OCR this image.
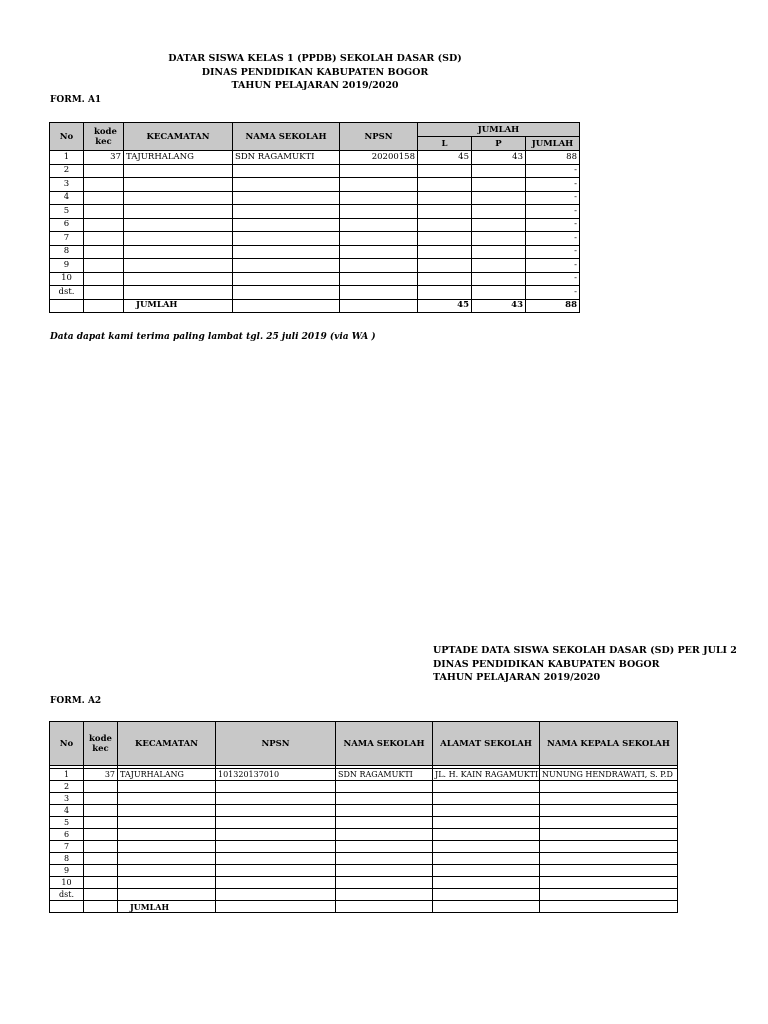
DATAR SISWA KELAS 1 (PPDB) SEKOLAH DASAR (SD)
DINAS PENDIDIKAN KABUPATEN BOGOR
TAHUN PELAJARAN 2019/2020
FORM. A1
No	kode kec	KECAMATAN	NAMA SEKOLAH	NPSN	JUMLAH		
					L	P	JUMLAH
1	37	TAJURHALANG	SDN RAGAMUKTI	20200158	45	43	88
2							-
3							-
4							-
5							-
6							-
7							-
8							-
9							-
10							-
dst.							-
		JUMLAH			45	43	88
Data dapat kami terima paling lambat tgl. 25 juli 2019 (via WA )
UPTADE DATA SISWA SEKOLAH DASAR (SD) PER JULI 2
DINAS PENDIDIKAN KABUPATEN BOGOR
TAHUN PELAJARAN 2019/2020
FORM. A2
No	kode kec	KECAMATAN	NPSN	NAMA SEKOLAH	ALAMAT SEKOLAH	NAMA KEPALA SEKOLAH

1	37	TAJURHALANG	101320137010	SDN RAGAMUKTI	JL. H. KAIN RAGAMUKTI	NUNUNG HENDRAWATI, S. P.D
2						
3						
4						
5						
6						
7						
8						
9						
10						
dst.						
		JUMLAH				
